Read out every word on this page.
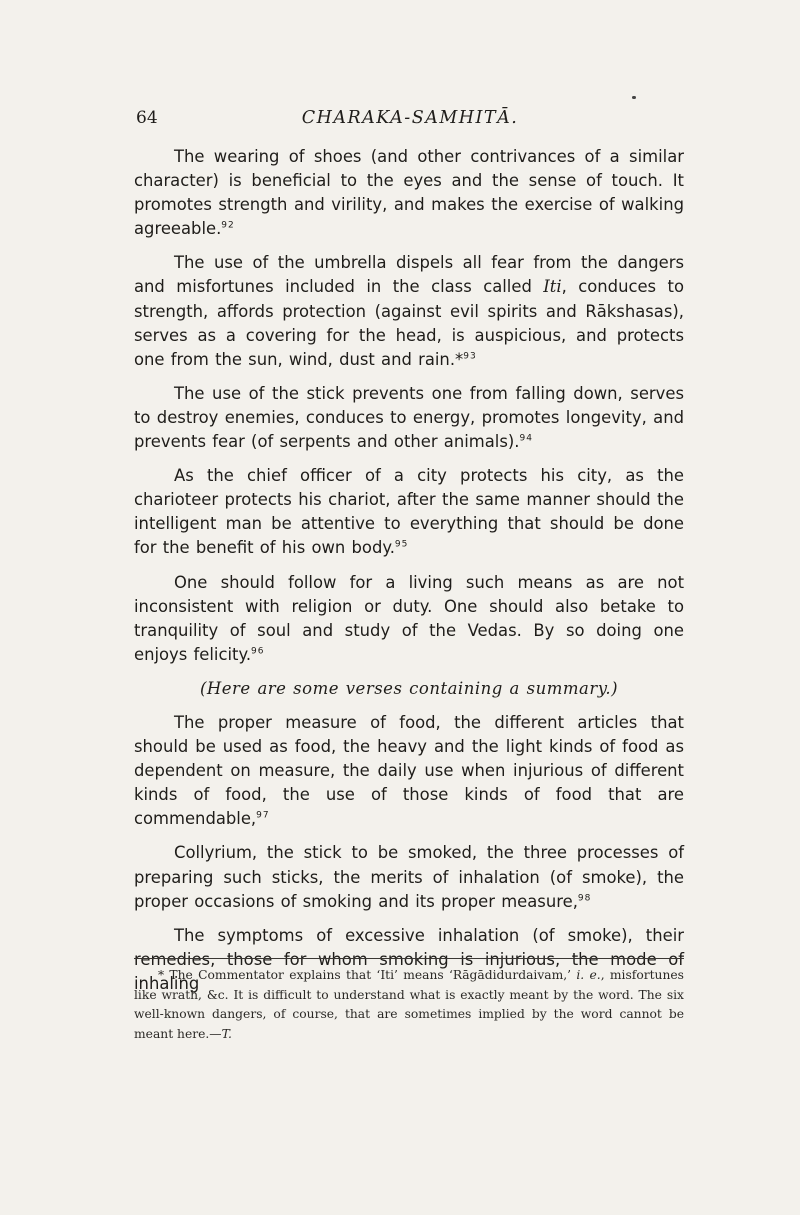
64	CHARAKA-SAMHITĀ.

The wearing of shoes (and other contrivances of a similar character) is beneficial to the eyes and the sense of touch. It promotes strength and virility, and makes the exercise of walking agreeable.$^{92}$

The use of the umbrella dispels all fear from the dangers and misfortunes included in the class called Iti, conduces to strength, affords protection (against evil spirits and Rākshasas), serves as a covering for the head, is auspicious, and protects one from the sun, wind, dust and rain.*$^{93}$

The use of the stick prevents one from falling down, serves to destroy enemies, conduces to energy, promotes longevity, and prevents fear (of serpents and other animals).$^{94}$

As the chief officer of a city protects his city, as the charioteer protects his chariot, after the same manner should the intelligent man be attentive to everything that should be done for the benefit of his own body.$^{95}$

One should follow for a living such means as are not inconsistent with religion or duty. One should also betake to tranquility of soul and study of the Vedas. By so doing one enjoys felicity.$^{96}$

(Here are some verses containing a summary.)

The proper measure of food, the different articles that should be used as food, the heavy and the light kinds of food as dependent on measure, the daily use when injurious of different kinds of food, the use of those kinds of food that are commendable,$^{97}$

Collyrium, the stick to be smoked, the three processes of preparing such sticks, the merits of inhalation (of smoke), the proper occasions of smoking and its proper measure,$^{98}$

The symptoms of excessive inhalation (of smoke), their remedies, those for whom smoking is injurious, the mode of inhaling

* The Commentator explains that ‘Iti’ means ‘Rāgādidurdaivam,’ i. e., misfortunes like wrath, &c. It is difficult to understand what is exactly meant by the word. The six well-known dangers, of course, that are sometimes implied by the word cannot be meant here.—T.
